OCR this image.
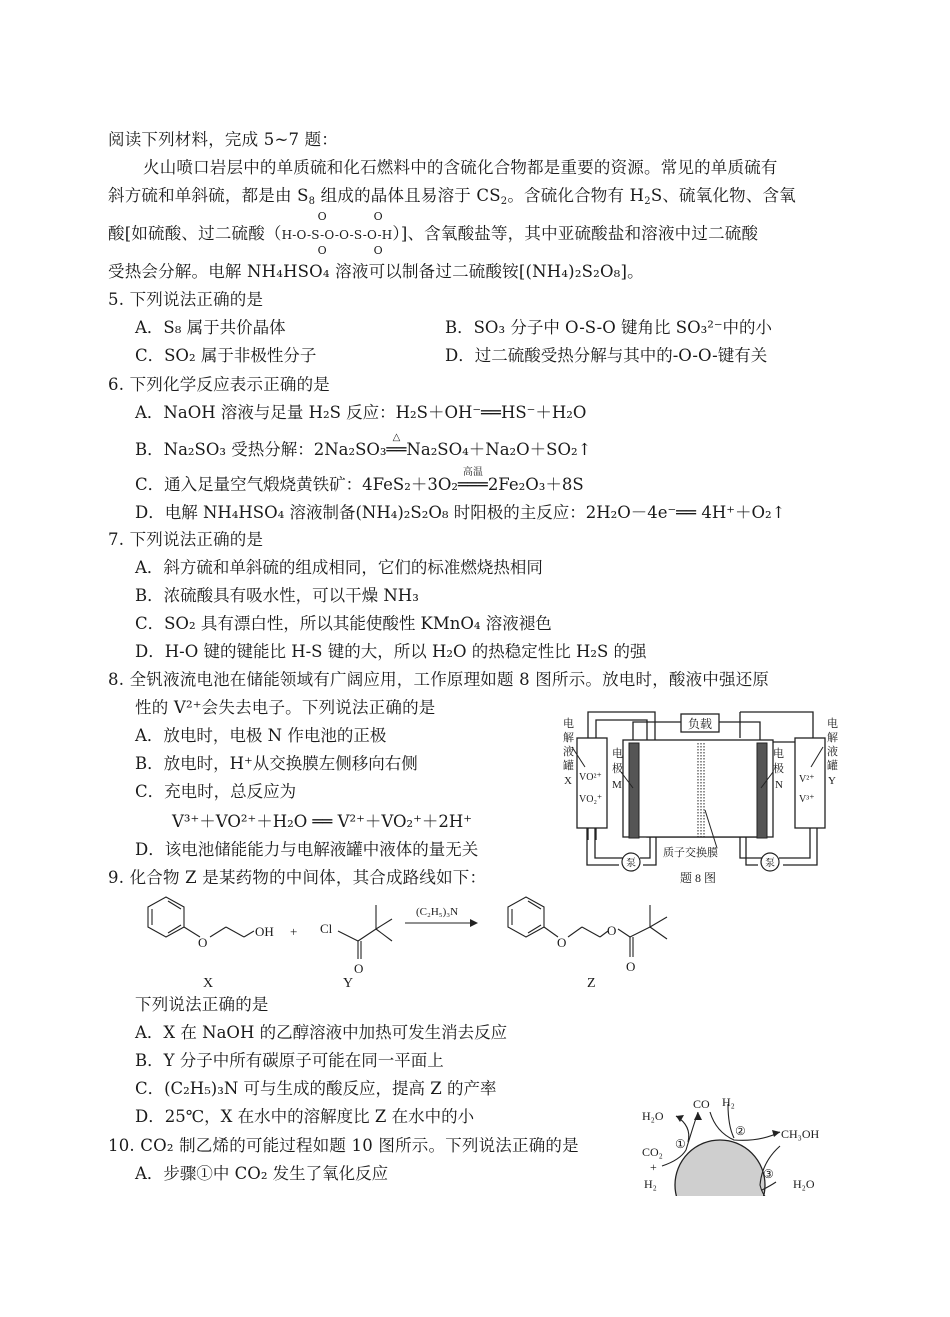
阅读下列材料，完成 5~7 题：
火山喷口岩层中的单质硫和化石燃料中的含硫化合物都是重要的资源。常见的单质硫有
斜方硫和单斜硫，都是由 $S_8$ 组成的晶体且易溶于 $CS_2$。含硫化合物有 $H_2S$、硫氧化物、含氧
酸[如硫酸、过二硫酸（
O	O
H-O-S-O-O-S-O-H
O	O
）]、含氧酸盐等，其中亚硫酸盐和溶液中过二硫酸
受热会分解。电解 NH₄HSO₄ 溶液可以制备过二硫酸铵[(NH₄)₂S₂O₈]。
5. 下列说法正确的是
A．S₈ 属于共价晶体	B．SO₃ 分子中 O-S-O 键角比 SO₃²⁻中的小
C．SO₂ 属于非极性分子	D．过二硫酸受热分解与其中的-O-O-键有关
6. 下列化学反应表示正确的是
A．NaOH 溶液与足量 H₂S 反应：H₂S＋OH⁻══HS⁻＋H₂O
B．Na₂SO₃ 受热分解：2Na₂SO₃
△
══Na₂SO₄＋Na₂O＋SO₂↑
C．通入足量空气煅烧黄铁矿：4FeS₂＋3O₂
高温
═══2Fe₂O₃＋8S
D．电解 NH₄HSO₄ 溶液制备(NH₄)₂S₂O₈ 时阳极的主反应：2H₂O－4e⁻══ 4H⁺＋O₂↑
7. 下列说法正确的是
A．斜方硫和单斜硫的组成相同，它们的标准燃烧热相同
B．浓硫酸具有吸水性，可以干燥 NH₃
C．SO₂ 具有漂白性，所以其能使酸性 KMnO₄ 溶液褪色
D．H-O 键的键能比 H-S 键的大，所以 H₂O 的热稳定性比 H₂S 的强
8. 全钒液流电池在储能领域有广阔应用，工作原理如题 8 图所示。放电时，酸液中强还原
性的 V²⁺会失去电子。下列说法正确的是
A．放电时，电极 N 作电池的正极
B．放电时，H⁺从交换膜左侧移向右侧
C．充电时，总反应为
V³⁺＋VO²⁺＋H₂O ══ V²⁺＋VO₂⁺＋2H⁺
D．该电池储能能力与电解液罐中液体的量无关
负载
电
解
液
罐
X
电
解
液
罐
Y
电
极
M
电
极
N
VO²⁺
VO₂⁺
V²⁺
V³⁺
质子交换膜
题 8 图
泵	泵
9. 化合物 Z 是某药物的中间体，其合成路线如下：
O
OH + Cl
O
(C₂H₅)₃N
O
O
O
X	Y	Z
下列说法正确的是
A．X 在 NaOH 的乙醇溶液中加热可发生消去反应
B．Y 分子中所有碳原子可能在同一平面上
C．(C₂H₅)₃N 可与生成的酸反应，提高 Z 的产率
D．25℃，X 在水中的溶解度比 Z 在水中的小
10. CO₂ 制乙烯的可能过程如题 10 图所示。下列说法正确的是
A．步骤①中 CO₂ 发生了氧化反应
H₂O
CO H₂
①
②
③
CH₃OH
CO₂
+
H₂	H₂O
